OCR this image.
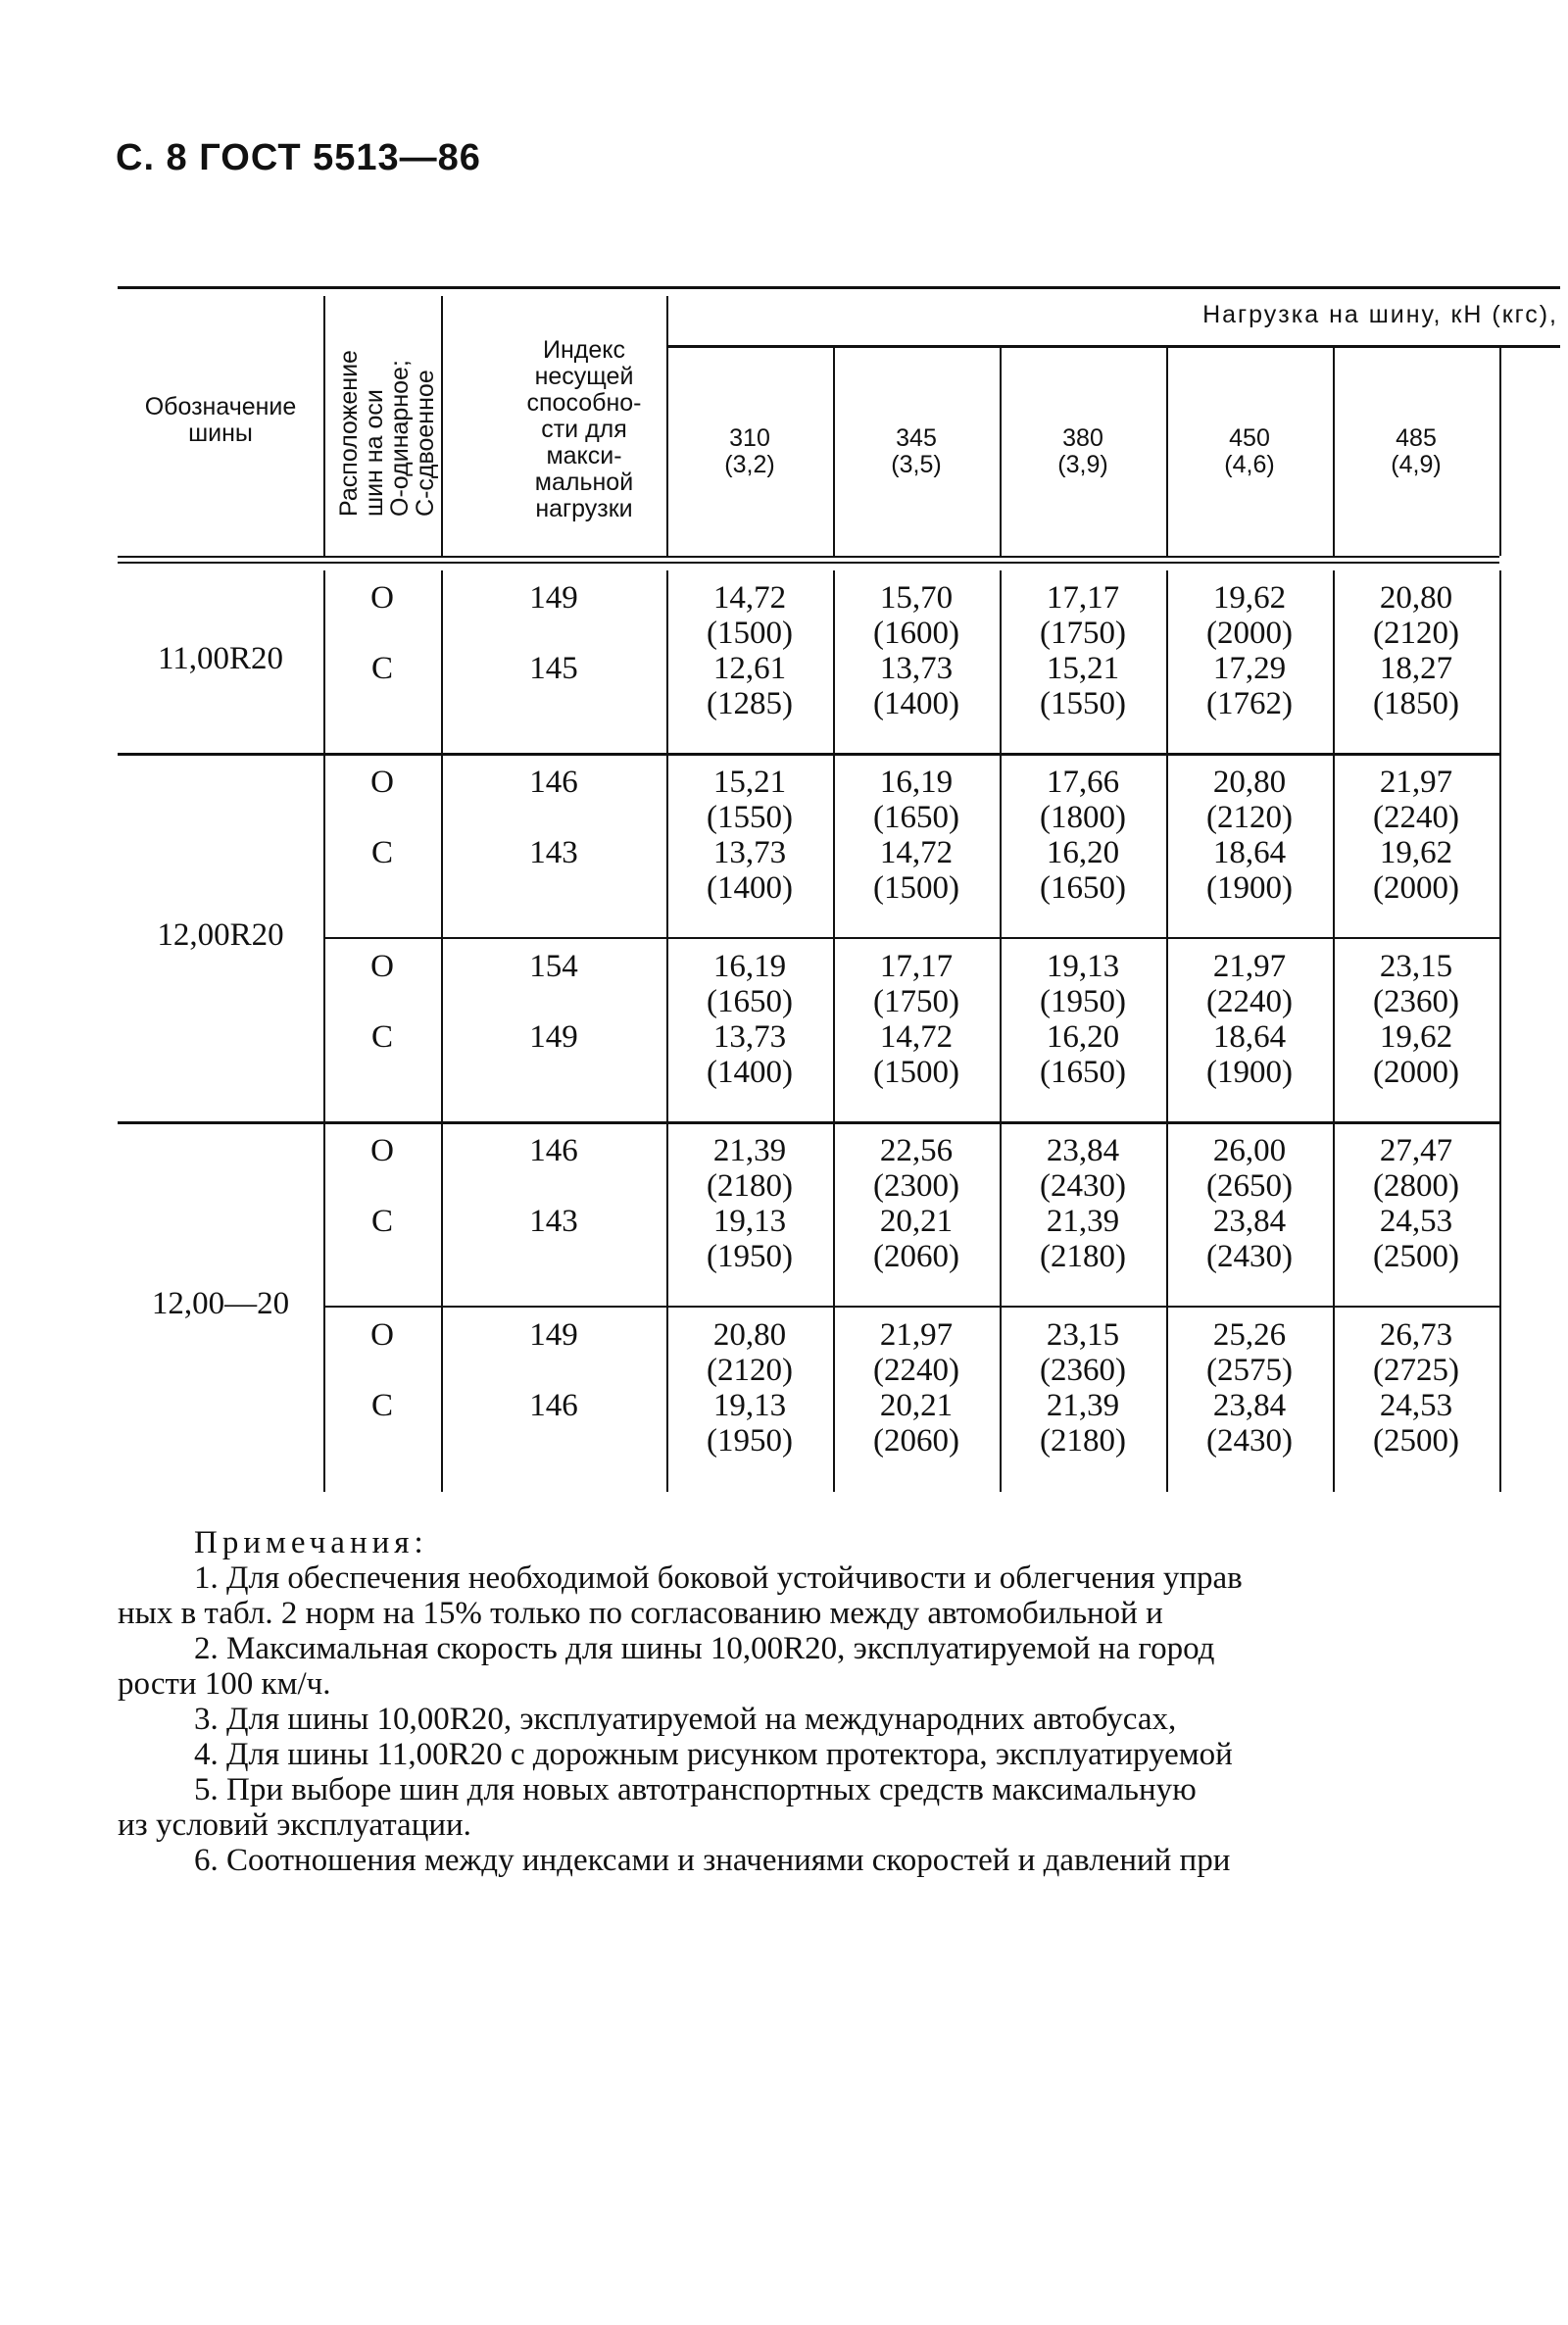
С. 8 ГОСТ 5513—86
Обозначение шины	Расположение
шин на оси
О-одинарное;
С-сдвоенное
Индекс
несущей
способно-
сти для
макси-
мальной
нагрузки
Нагрузка на шину, кН (кгс),
310
(3,2)
345
(3,5)
380
(3,9)
450
(4,6)
485
(4,9)
О
С
149
145
14,72
(1500)
12,61
(1285)
15,70
(1600)
13,73
(1400)
17,17
(1750)
15,21
(1550)
19,62
(2000)
17,29
(1762)
20,80
(2120)
18,27
(1850)
11,00R20
О
С
146
143
15,21
(1550)
13,73
(1400)
16,19
(1650)
14,72
(1500)
17,66
(1800)
16,20
(1650)
20,80
(2120)
18,64
(1900)
21,97
(2240)
19,62
(2000)
О
С
154
149
16,19
(1650)
13,73
(1400)
17,17
(1750)
14,72
(1500)
19,13
(1950)
16,20
(1650)
21,97
(2240)
18,64
(1900)
23,15
(2360)
19,62
(2000)
12,00R20
О
С
146
143
21,39
(2180)
19,13
(1950)
22,56
(2300)
20,21
(2060)
23,84
(2430)
21,39
(2180)
26,00
(2650)
23,84
(2430)
27,47
(2800)
24,53
(2500)
О
С
149
146
20,80
(2120)
19,13
(1950)
21,97
(2240)
20,21
(2060)
23,15
(2360)
21,39
(2180)
25,26
(2575)
23,84
(2430)
26,73
(2725)
24,53
(2500)
12,00—20
Примечания:
1. Для обеспечения необходимой боковой устойчивости и облегчения управ
ных в табл. 2 норм на 15% только по согласованию между автомобильной и
2. Максимальная скорость для шины 10,00R20, эксплуатируемой на город
рости 100 км/ч.
3. Для шины 10,00R20, эксплуатируемой на международних автобусах,
4. Для шины 11,00R20 с дорожным рисунком протектора, эксплуатируемой
5. При выборе шин для новых автотранспортных средств максимальную
из условий эксплуатации.
6. Соотношения между индексами и значениями скоростей и давлений при
